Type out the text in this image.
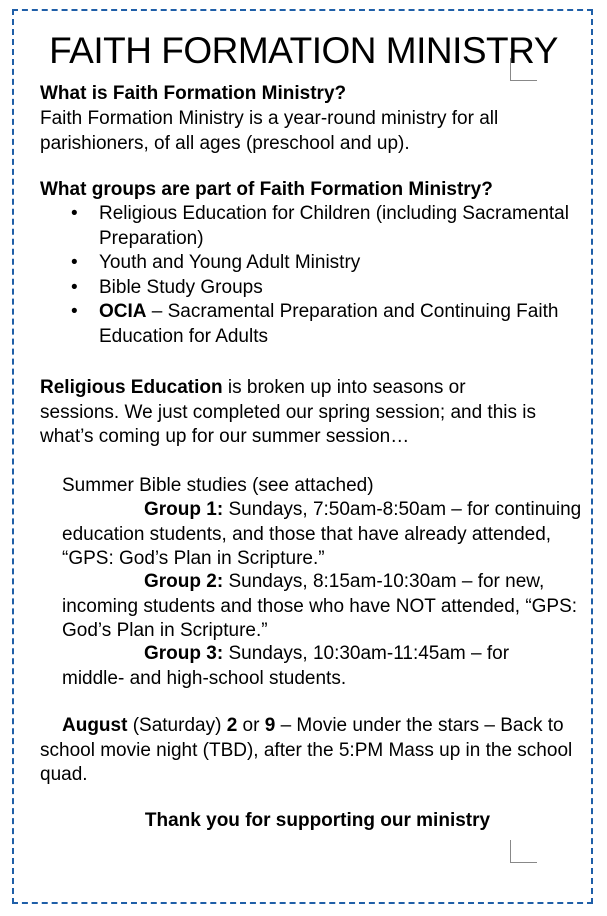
FAITH FORMATION MINISTRY

What is Faith Formation Ministry?

Faith Formation Ministry is a year-round ministry for all parishioners, of all ages (preschool and up).

What groups are part of Faith Formation Ministry?

• Religious Education for Children (including Sacramental Preparation)
• Youth and Young Adult Ministry
• Bible Study Groups
• OCIA – Sacramental Preparation and Continuing Faith Education for Adults

Religious Education is broken up into seasons or sessions. We just completed our spring session; and this is what’s coming up for our summer session…

Summer Bible studies (see attached)

Group 1: Sundays, 7:50am-8:50am – for continuing education students, and those that have already attended, “GPS: God’s Plan in Scripture.”

Group 2: Sundays, 8:15am-10:30am – for new, incoming students and those who have NOT attended, “GPS: God’s Plan in Scripture.”

Group 3: Sundays, 10:30am-11:45am – for middle- and high-school students.

August (Saturday) 2 or 9 – Movie under the stars – Back to school movie night (TBD), after the 5:PM Mass up in the school quad.

Thank you for supporting our ministry
